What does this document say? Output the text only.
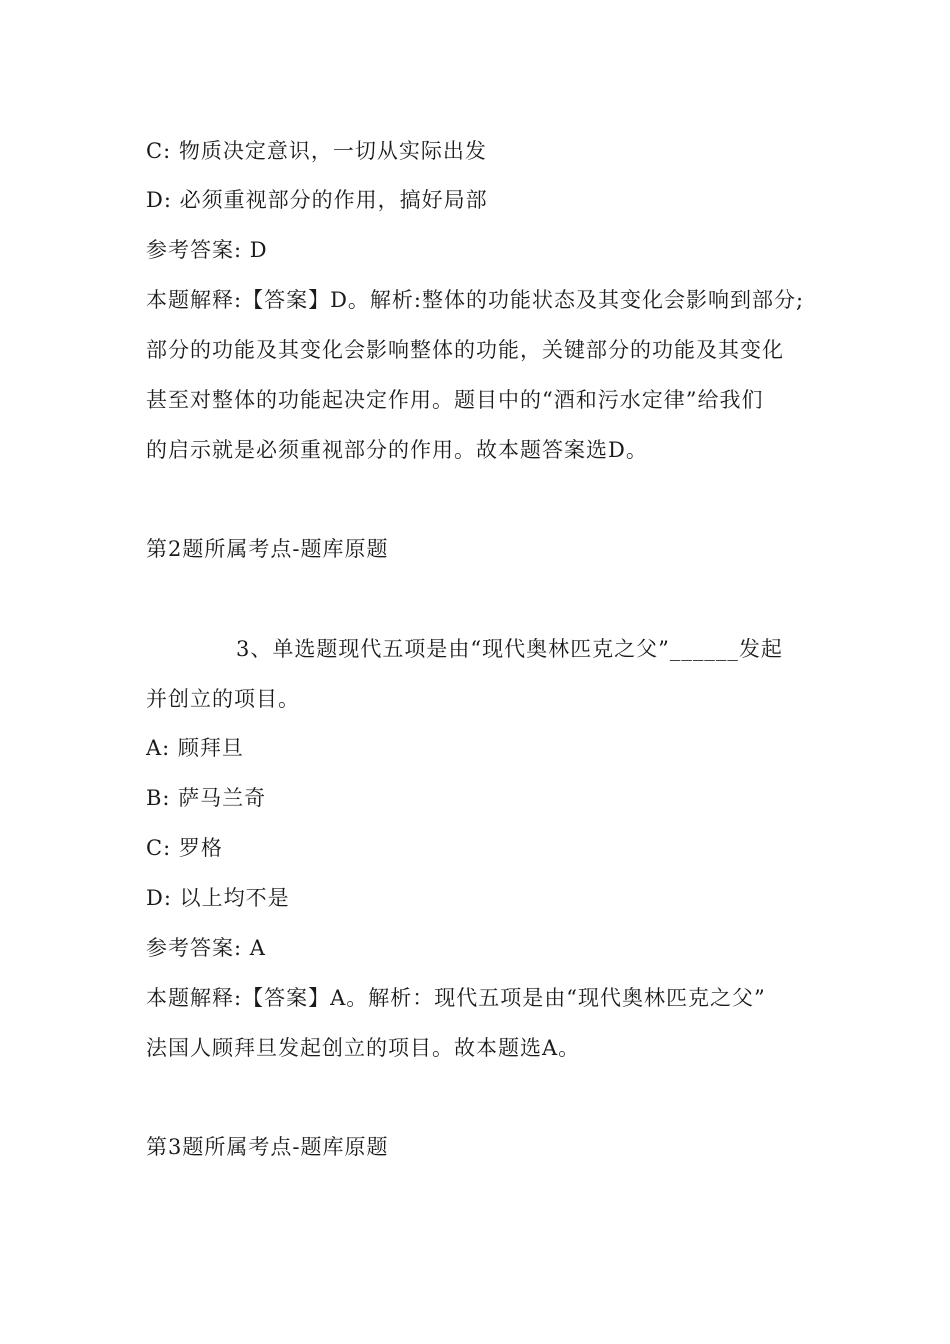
C: 物质决定意识，一切从实际出发
D: 必须重视部分的作用，搞好局部
参考答案: D
本题解释:【答案】D。解析:整体的功能状态及其变化会影响到部分;
部分的功能及其变化会影响整体的功能，关键部分的功能及其变化
甚至对整体的功能起决定作用。题目中的“酒和污水定律”给我们
的启示就是必须重视部分的作用。故本题答案选D。
第2题所属考点-题库原题
3、单选题现代五项是由“现代奥林匹克之父”______发起
并创立的项目。
A: 顾拜旦
B: 萨马兰奇
C: 罗格
D: 以上均不是
参考答案: A
本题解释:【答案】A。解析：现代五项是由“现代奥林匹克之父”
法国人顾拜旦发起创立的项目。故本题选A。
第3题所属考点-题库原题
